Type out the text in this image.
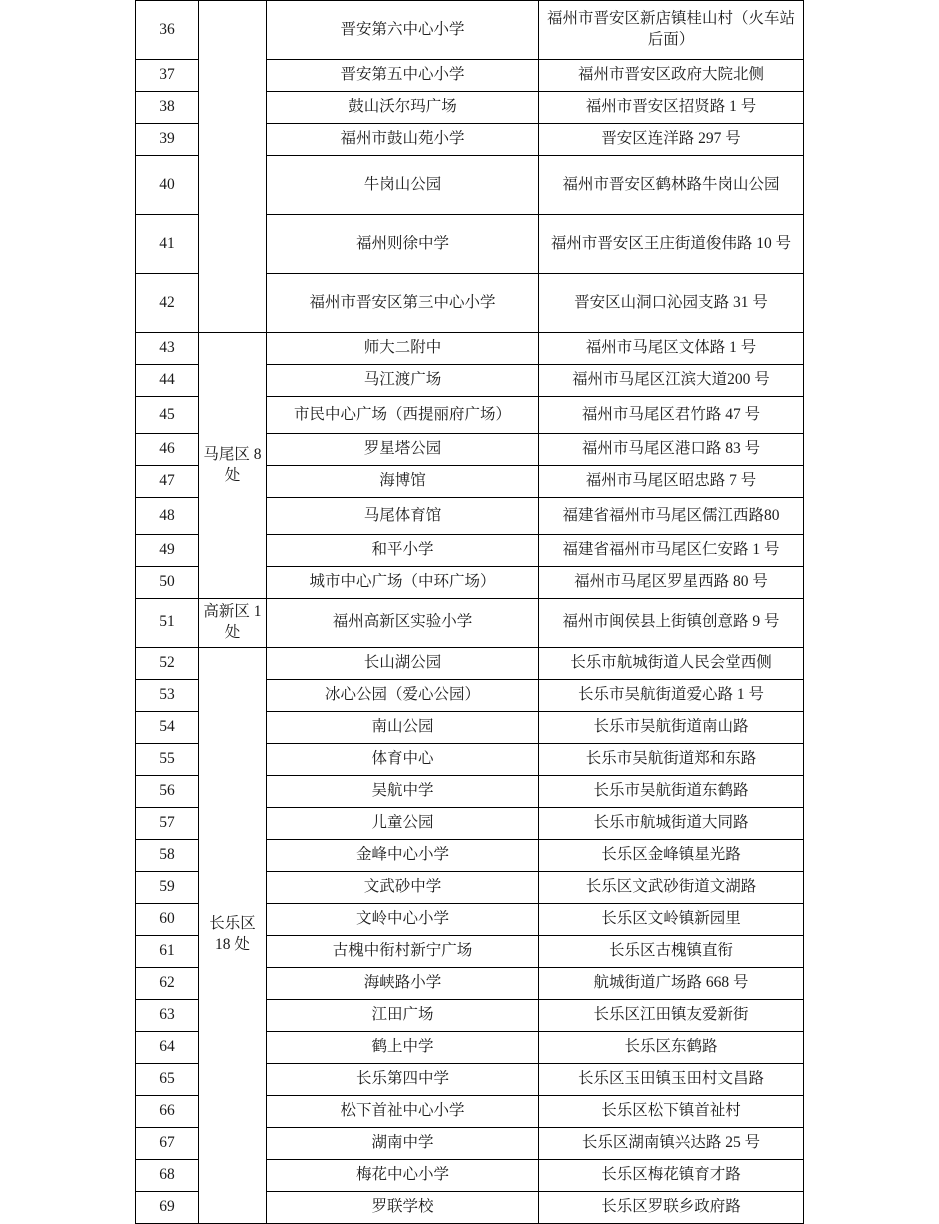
36		晋安第六中心小学	福州市晋安区新店镇桂山村（火车站后面）
37		晋安第五中心小学	福州市晋安区政府大院北侧
38		鼓山沃尔玛广场	福州市晋安区招贤路 1 号
39		福州市鼓山苑小学	晋安区连洋路 297 号
40		牛岗山公园	福州市晋安区鹤林路牛岗山公园
41		福州则徐中学	福州市晋安区王庄街道俊伟路 10 号
42		福州市晋安区第三中心小学	晋安区山洞口沁园支路 31 号
43	马尾区 8 处	师大二附中	福州市马尾区文体路 1 号
44		马江渡广场	福州市马尾区江滨大道200 号
45		市民中心广场（西提丽府广场）	福州市马尾区君竹路 47 号
46		罗星塔公园	福州市马尾区港口路 83 号
47		海博馆	福州市马尾区昭忠路 7 号
48		马尾体育馆	福建省福州市马尾区儒江西路80
49		和平小学	福建省福州市马尾区仁安路 1 号
50		城市中心广场（中环广场）	福州市马尾区罗星西路 80 号
51	高新区 1 处	福州高新区实验小学	福州市闽侯县上街镇创意路 9 号
52	长乐区 18 处	长山湖公园	长乐市航城街道人民会堂西侧
53		冰心公园（爱心公园）	长乐市吴航街道爱心路 1 号
54		南山公园	长乐市吴航街道南山路
55		体育中心	长乐市吴航街道郑和东路
56		吴航中学	长乐市吴航街道东鹤路
57		儿童公园	长乐市航城街道大同路
58		金峰中心小学	长乐区金峰镇星光路
59		文武砂中学	长乐区文武砂街道文湖路
60		文岭中心小学	长乐区文岭镇新园里
61		古槐中衔村新宁广场	长乐区古槐镇直衔
62		海峡路小学	航城街道广场路 668 号
63		江田广场	长乐区江田镇友爱新街
64		鹤上中学	长乐区东鹤路
65		长乐第四中学	长乐区玉田镇玉田村文昌路
66		松下首祉中心小学	长乐区松下镇首祉村
67		湖南中学	长乐区湖南镇兴达路 25 号
68		梅花中心小学	长乐区梅花镇育才路
69		罗联学校	长乐区罗联乡政府路
